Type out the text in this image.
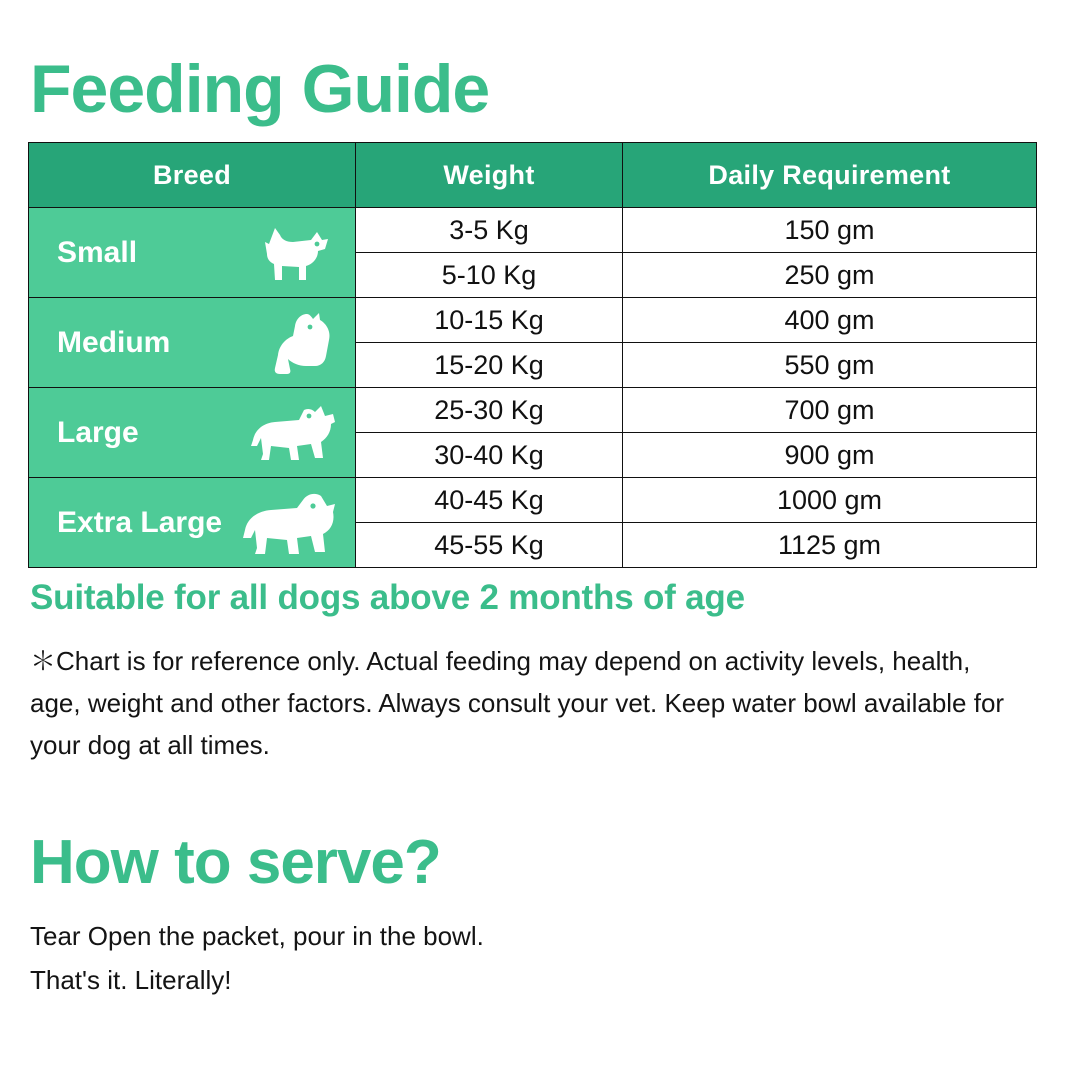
Feeding Guide
Breed	Weight	Daily Requirement

Small	3-5 Kg	150 gm
	5-10 Kg	250 gm

Medium	10-15 Kg	400 gm
	15-20 Kg	550 gm

Large	25-30 Kg	700 gm
	30-40 Kg	900 gm

Extra Large	40-45 Kg	1000 gm
	45-55 Kg	1125 gm
Suitable for all dogs above 2 months of age

＊Chart is for reference only. Actual feeding may depend on activity levels, health, age, weight and other factors. Always consult your vet. Keep water bowl available for your dog at all times.

How to serve?
Tear Open the packet, pour in the bowl.
That's it. Literally!
